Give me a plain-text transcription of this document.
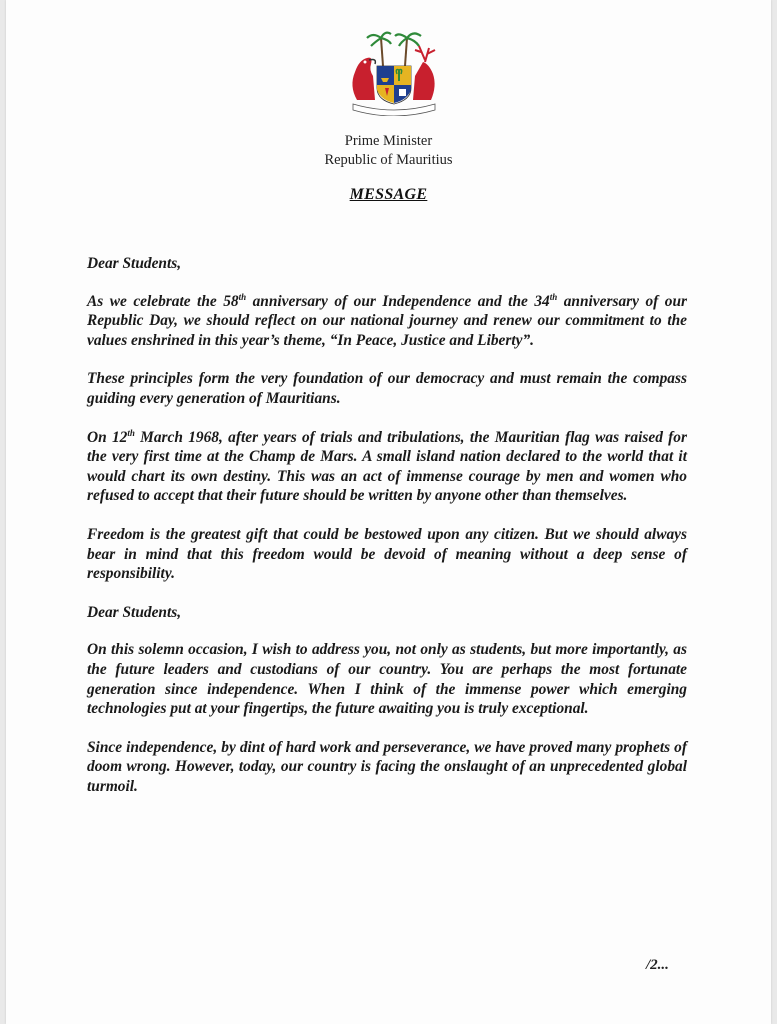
Prime Minister
Republic of Mauritius
MESSAGE

Dear Students,

As we celebrate the 58th anniversary of our Independence and the 34th anniversary of our Republic Day, we should reflect on our national journey and renew our commitment to the values enshrined in this year’s theme, “In Peace, Justice and Liberty”.

These principles form the very foundation of our democracy and must remain the compass guiding every generation of Mauritians.

On 12th March 1968, after years of trials and tribulations, the Mauritian flag was raised for the very first time at the Champ de Mars. A small island nation declared to the world that it would chart its own destiny. This was an act of immense courage by men and women who refused to accept that their future should be written by anyone other than themselves.

Freedom is the greatest gift that could be bestowed upon any citizen. But we should always bear in mind that this freedom would be devoid of meaning without a deep sense of responsibility.

Dear Students,

On this solemn occasion, I wish to address you, not only as students, but more importantly, as the future leaders and custodians of our country. You are perhaps the most fortunate generation since independence. When I think of the immense power which emerging technologies put at your fingertips, the future awaiting you is truly exceptional.

Since independence, by dint of hard work and perseverance, we have proved many prophets of doom wrong. However, today, our country is facing the onslaught of an unprecedented global turmoil.

/2...
